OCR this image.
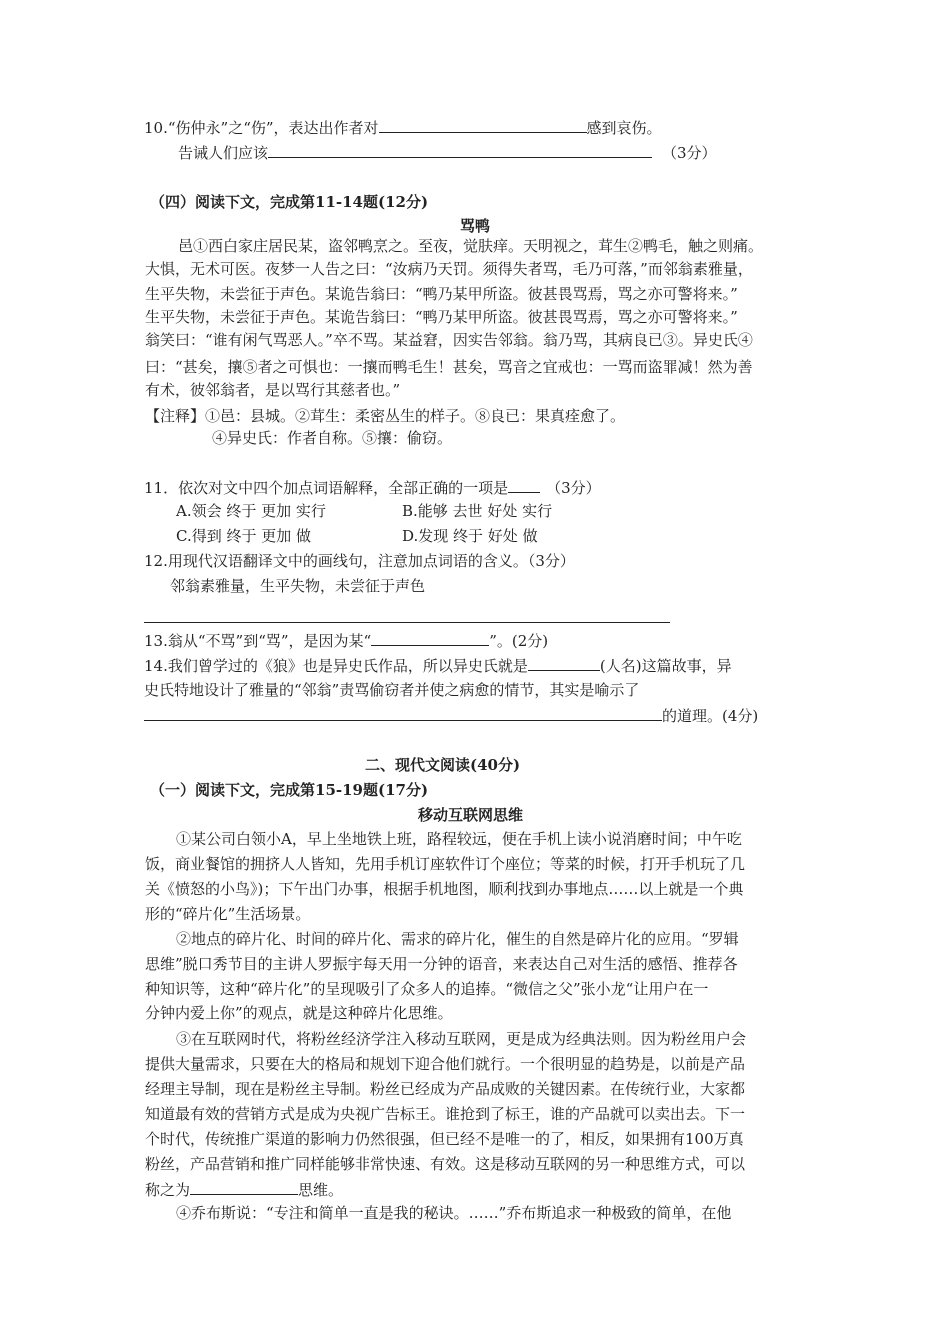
10.“伤仲永”之“伤”，表达出作者对	感到哀伤。
告诫人们应该	（3分）
（四）阅读下文，完成第11-14题(12分)
骂鸭
邑①西白家庄居民某，盗邻鸭烹之。至夜，觉肤痒。天明视之，茸生②鸭毛，触之则痛。
大惧，无术可医。夜梦一人告之曰：“汝病乃天罚。须得失者骂，毛乃可落，”而邻翁素雅量，
生平失物，未尝征于声色。某诡告翁曰：“鸭乃某甲所盗。彼甚畏骂焉，骂之亦可警将来。”
生平失物，未尝征于声色。某诡告翁曰：“鸭乃某甲所盗。彼甚畏骂焉，骂之亦可警将来。”
翁笑曰：“谁有闲气骂恶人。”卒不骂。某益窘，因实告邻翁。翁乃骂，其病良已③。异史氏④
曰：“甚矣，攘⑤者之可惧也：一攘而鸭毛生！甚矣，骂音之宜戒也：一骂而盗罪减！然为善
有术，彼邻翁者，是以骂行其慈者也。”
【注释】①邑：县城。②茸生：柔密丛生的样子。⑧良已：果真痊愈了。
④异史氏：作者自称。⑤攘：偷窃。
11．依次对文中四个加点词语解释，全部正确的一项是	（3分）
A.领会 终于 更加 实行	B.能够 去世 好处 实行
C.得到 终于 更加 做	D.发现 终于 好处 做
12.用现代汉语翻译文中的画线句，注意加点词语的含义。（3分）
邻翁素雅量，生平失物，未尝征于声色
13.翁从“不骂”到“骂”，是因为某“	”。(2分)
14.我们曾学过的《狼》也是异史氏作品，所以异史氏就是	(人名)这篇故事，异
史氏特地设计了雅量的“邻翁”责骂偷窃者并使之病愈的情节，其实是喻示了
的道理。(4分)
二、现代文阅读(40分)
（一）阅读下文，完成第15-19题(17分)
移动互联网思维
①某公司白领小A，早上坐地铁上班，路程较远，便在手机上读小说消磨时间；中午吃
饭，商业餐馆的拥挤人人皆知，先用手机订座软件订个座位；等菜的时候，打开手机玩了几
关《愤怒的小鸟》)；下午出门办事，根据手机地图，顺利找到办事地点……以上就是一个典
形的“碎片化”生活场景。
②地点的碎片化、时间的碎片化、需求的碎片化，催生的自然是碎片化的应用。“罗辑
思维”脱口秀节目的主讲人罗振宇每天用一分钟的语音，来表达自己对生活的感悟、推荐各
种知识等，这种“碎片化”的呈现吸引了众多人的追捧。“微信之父”张小龙“让用户在一
分钟内爱上你”的观点，就是这种碎片化思维。
③在互联网时代，将粉丝经济学注入移动互联网，更是成为经典法则。因为粉丝用户会
提供大量需求，只要在大的格局和规划下迎合他们就行。一个很明显的趋势是，以前是产品
经理主导制，现在是粉丝主导制。粉丝已经成为产品成败的关键因素。在传统行业，大家都
知道最有效的营销方式是成为央视广告标王。谁抢到了标王，谁的产品就可以卖出去。下一
个时代，传统推广渠道的影响力仍然很强，但已经不是唯一的了，相反，如果拥有100万真
粉丝，产品营销和推广同样能够非常快速、有效。这是移动互联网的另一种思维方式，可以
称之为	思维。
④乔布斯说：“专注和简单一直是我的秘诀。……”乔布斯追求一种极致的简单，在他
